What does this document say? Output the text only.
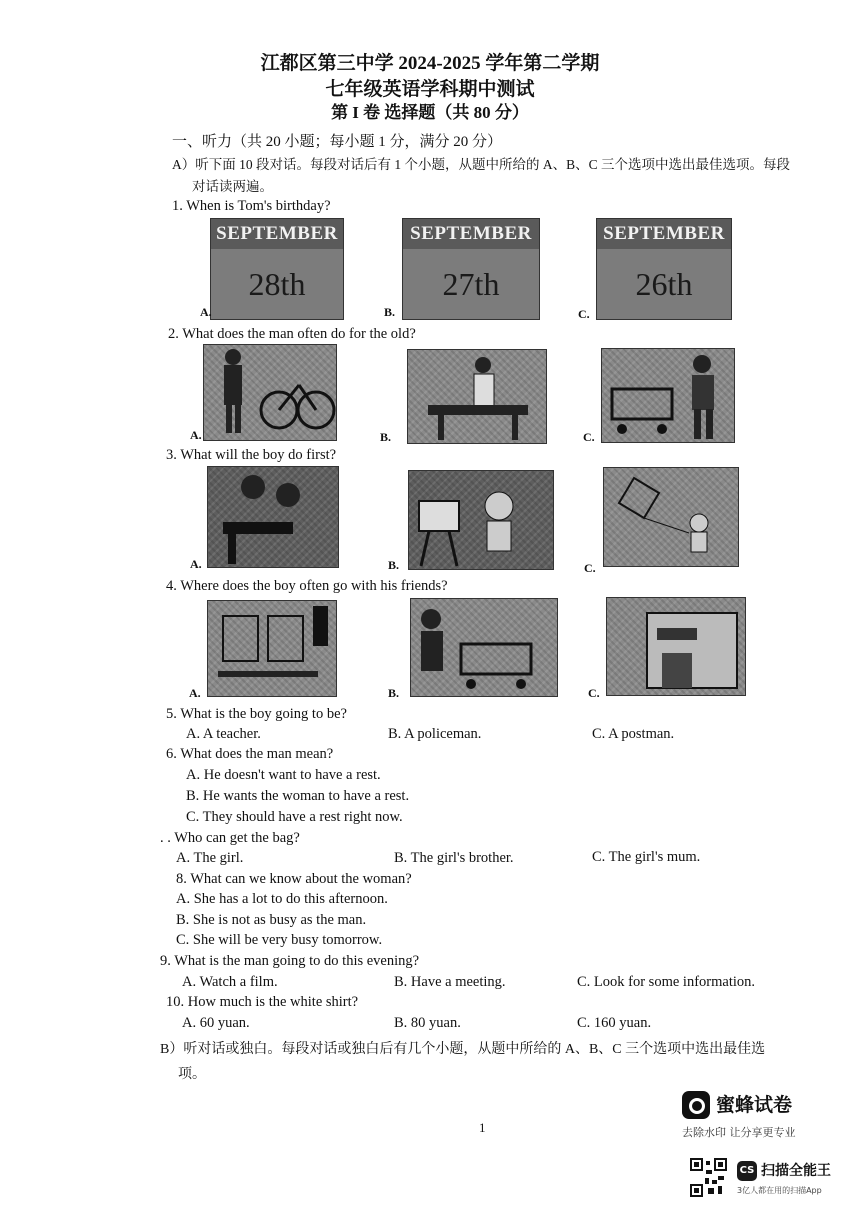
江都区第三中学 2024-2025 学年第二学期
七年级英语学科期中测试
第 I 卷 选择题（共 80 分）
一、听力（共 20 小题；每小题 1 分，满分 20 分）
A）听下面 10 段对话。每段对话后有 1 个小题，从题中所给的 A、B、C 三个选项中选出最佳选项。每段
对话读两遍。
1. When is Tom's birthday?
SEPTEMBER
28th
A.
SEPTEMBER
27th
B.
SEPTEMBER
26th
C.
2. What does the man often do for the old?
A.	B.	C.
3. What will the boy do first?
A.	B.	C.
4. Where does the boy often go with his friends?
A.	B.	C.
5. What is the boy going to be?
A. A teacher.	B. A policeman.	C. A postman.
6. What does the man mean?
A. He doesn't want to have a rest.
B. He wants the woman to have a rest.
C. They should have a rest right now.
. . Who can get the bag?
A. The girl.	B. The girl's brother.	C. The girl's mum.
8. What can we know about the woman?
A. She has a lot to do this afternoon.
B. She is not as busy as the man.
C. She will be very busy tomorrow.
9. What is the man going to do this evening?
A. Watch a film.	B. Have a meeting.	C. Look for some information.
10. How much is the white shirt?
A. 60 yuan.	B. 80 yuan.	C. 160 yuan.
B）听对话或独白。每段对话或独白后有几个小题，从题中所给的 A、B、C 三个选项中选出最佳选
项。
1
蜜蜂试卷
去除水印 让分享更专业
CS 扫描全能王
3亿人都在用的扫描App
